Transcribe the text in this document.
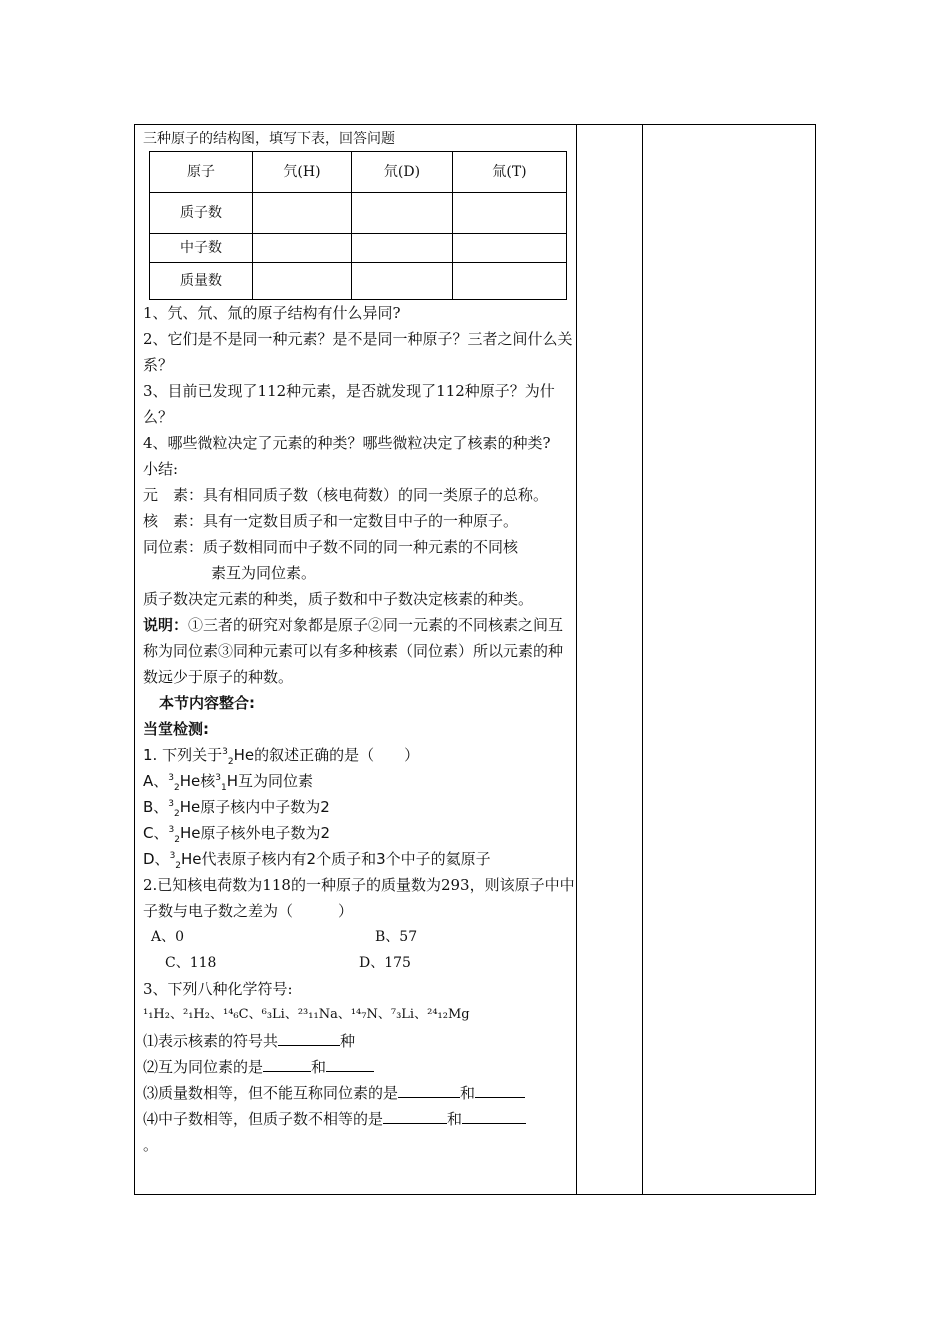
三种原子的结构图，填写下表，回答问题
原子	氕(H)	氘(D)	氚(T)
质子数			
中子数			
质量数			

1、氕、氘、氚的原子结构有什么异同?

2、它们是不是同一种元素？是不是同一种原子？三者之间什么关系？

3、目前已发现了112种元素，是否就发现了112种原子？为什么？

4、哪些微粒决定了元素的种类？哪些微粒决定了核素的种类?

小结:

元　素： 具有相同质子数（核电荷数）的同一类原子的总称。
核　素： 具有一定数目质子和一定数目中子的一种原子。
同位素： 质子数相同而中子数不同的同一种元素的不同核

素互为同位素。

质子数决定元素的种类，质子数和中子数决定核素的种类。

说明：①三者的研究对象都是原子②同一元素的不同核素之间互称为同位素③同种元素可以有多种核素（同位素）所以元素的种数远少于原子的种数。

本节内容整合:

当堂检测:

1. 下列关于$^3_2$He的叙述正确的是（　　）
A、$^3_2$He核$^3_1$H互为同位素
B、$^3_2$He原子核内中子数为2
C、$^3_2$He原子核外电子数为2
D、$^3_2$He代表原子核内有2个质子和3个中子的氦原子

2.已知核电荷数为118的一种原子的质量数为293，则该原子中中子数与电子数之差为（　　　）

A、0	B、57
C、118	D、175

3、下列八种化学符号:

¹₁H₂、²₁H₂、¹⁴₆C、⁶₃Li、²³₁₁Na、¹⁴₇N、⁷₃Li、²⁴₁₂Mg

⑴表示核素的符号共	种

⑵互为同位素的是	和

⑶质量数相等，但不能互称同位素的是	和

⑷中子数相等，但质子数不相等的是	和

。
